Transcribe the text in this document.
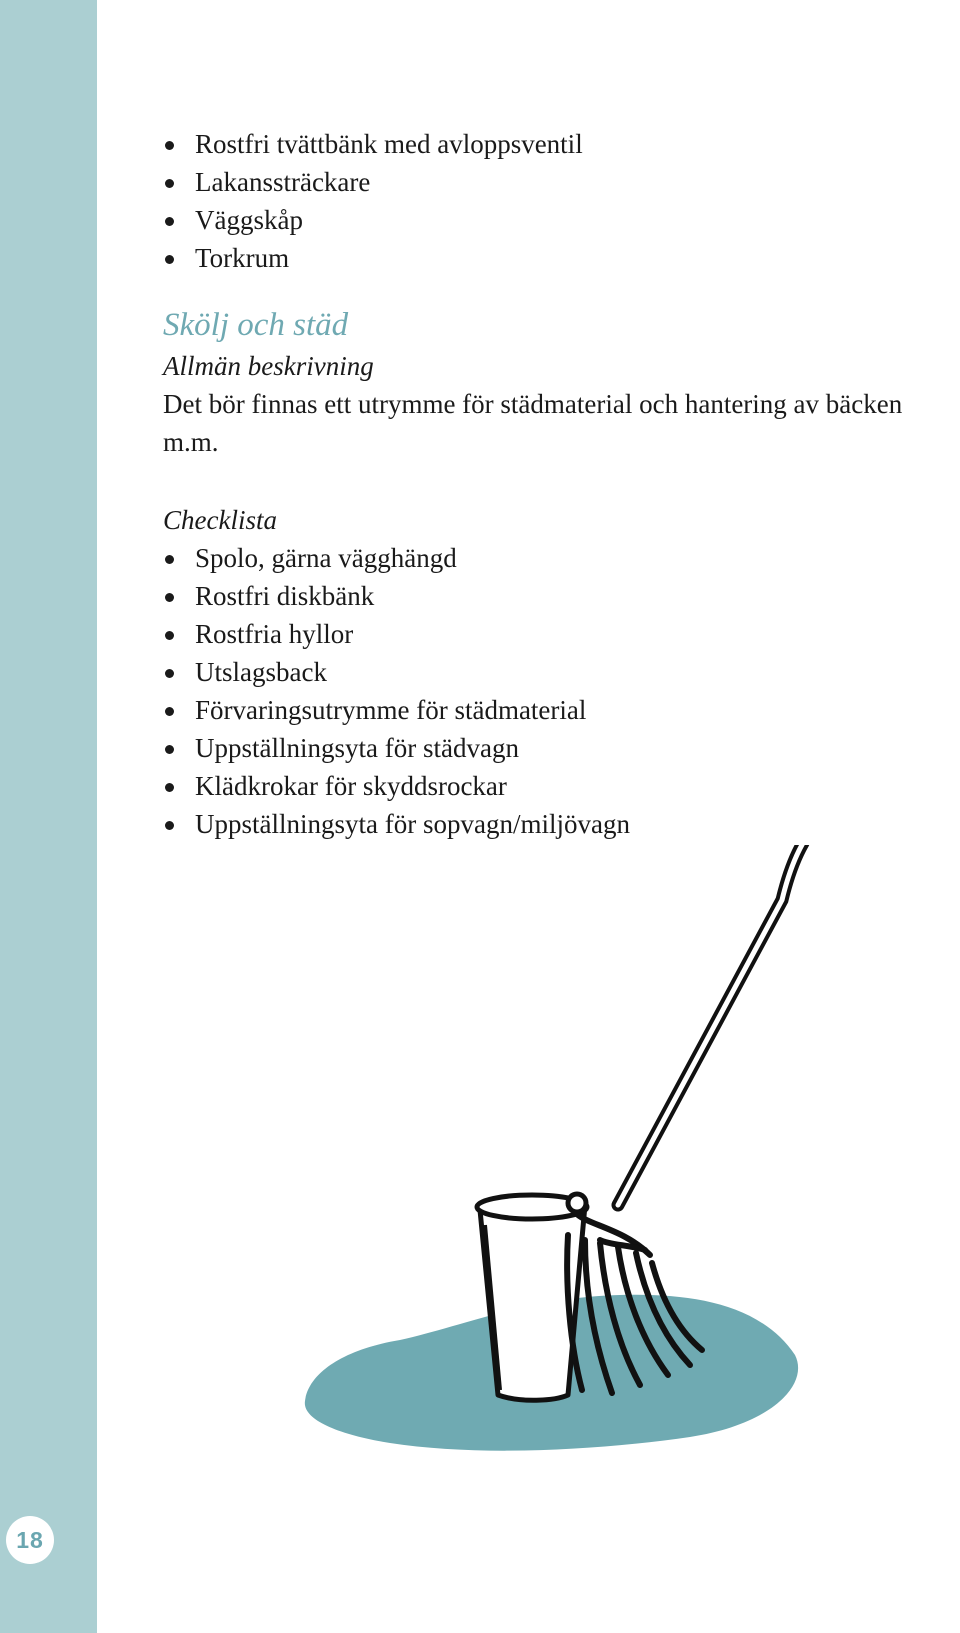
18
Rostfri tvättbänk med avloppsventil
Lakanssträckare
Väggskåp
Torkrum
Skölj och städ
Allmän beskrivning

Det bör finnas ett utrymme för städmaterial och hantering av bäcken m.m.

Checklista
Spolo, gärna vägghängd
Rostfri diskbänk
Rostfria hyllor
Utslagsback
Förvaringsutrymme för städmaterial
Uppställningsyta för städvagn
Klädkrokar för skyddsrockar
Uppställningsyta för sopvagn/miljövagn
